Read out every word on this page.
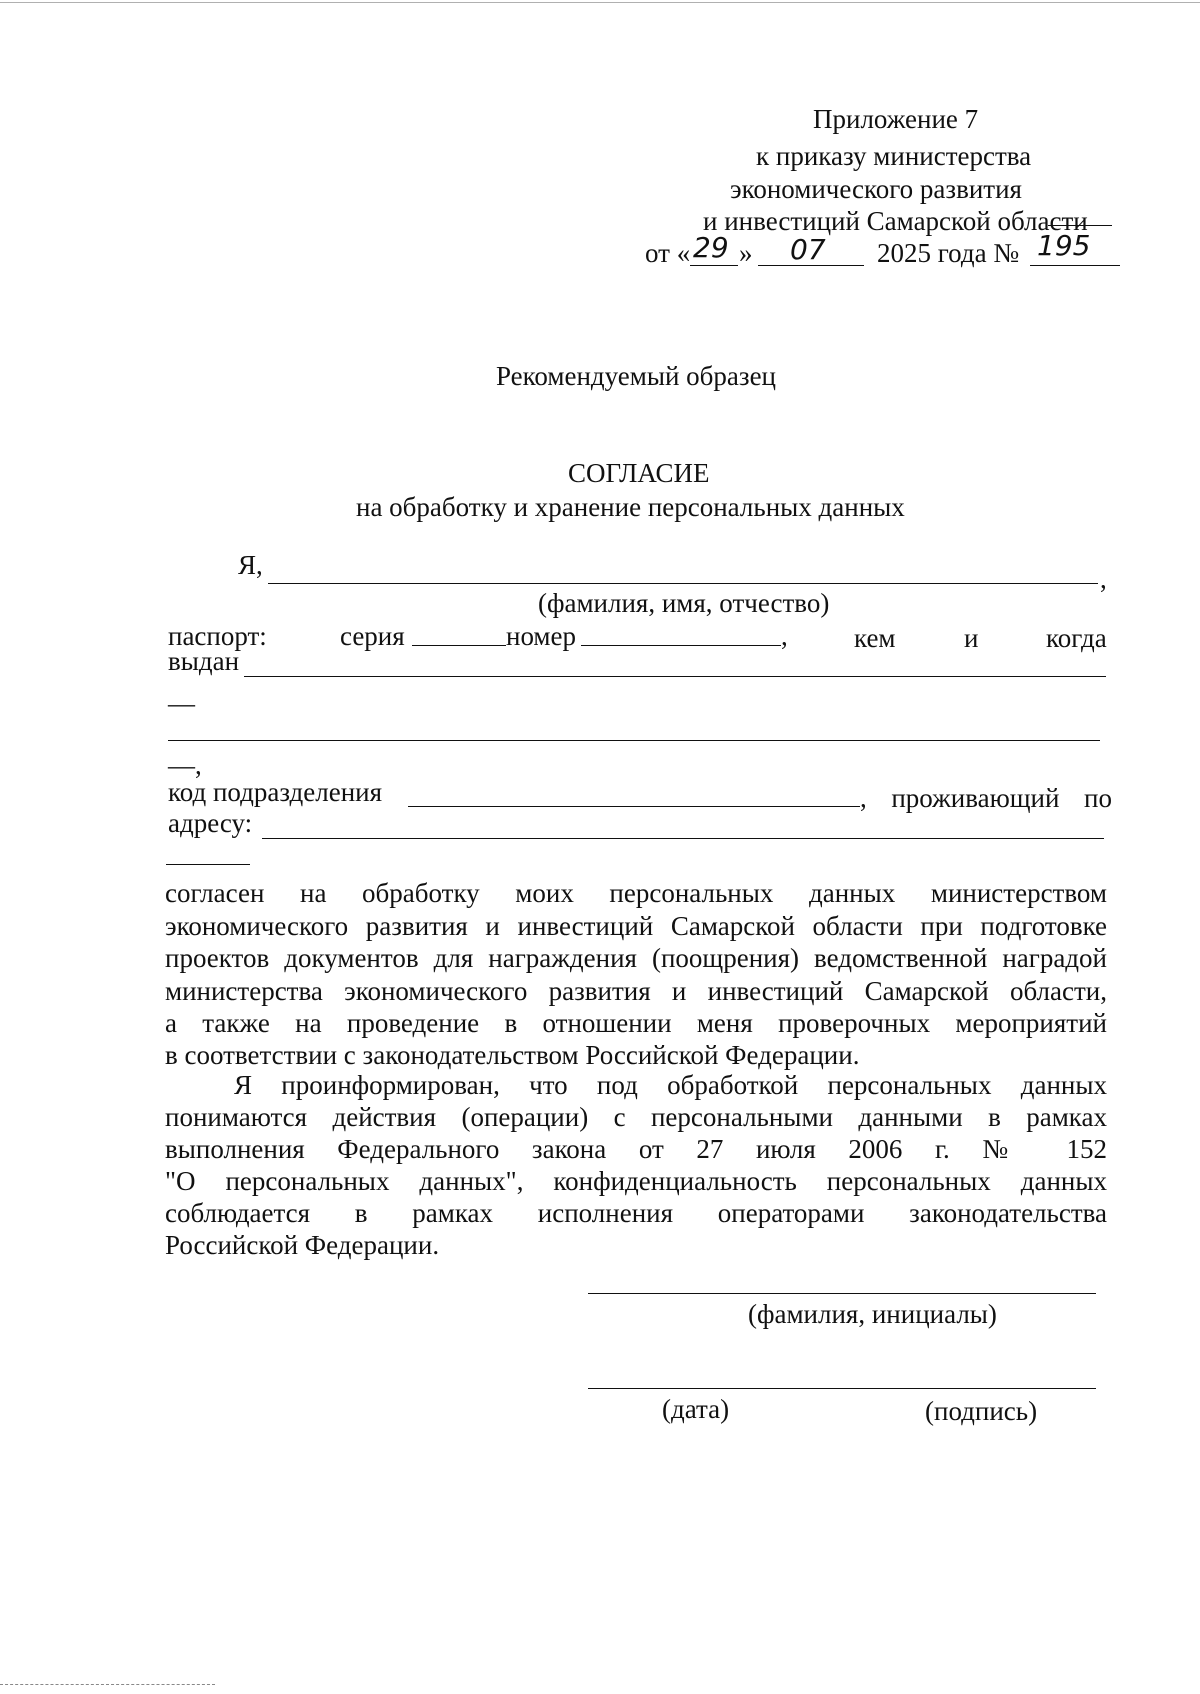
Приложение 7
к приказу министерства
экономического развития
и инвестиций Самарской области
от « 29 » 07 2025 года № 195
Рекомендуемый образец
СОГЛАСИЕ
на обработку и хранение персональных данных
Я,	,
(фамилия, имя, отчество)
паспорт:	серия	номер	, кем	и	когда
выдан
—
—,
код подразделения	, проживающий по
адресу:
согласен на обработку моих персональных данных министерством
экономического развития и инвестиций Самарской области при подготовке
проектов документов для награждения (поощрения) ведомственной наградой
министерства экономического развития и инвестиций Самарской области,
а также на проведение в отношении меня проверочных мероприятий
в соответствии с законодательством Российской Федерации.
Я проинформирован, что под обработкой персональных данных
понимаются действия (операции) с персональными данными в рамках
выполнения Федерального закона от 27 июля 2006 г. № 152
"О персональных данных", конфиденциальность персональных данных
соблюдается в рамках исполнения операторами законодательства
Российской Федерации.
(фамилия, инициалы)
(дата)	(подпись)
